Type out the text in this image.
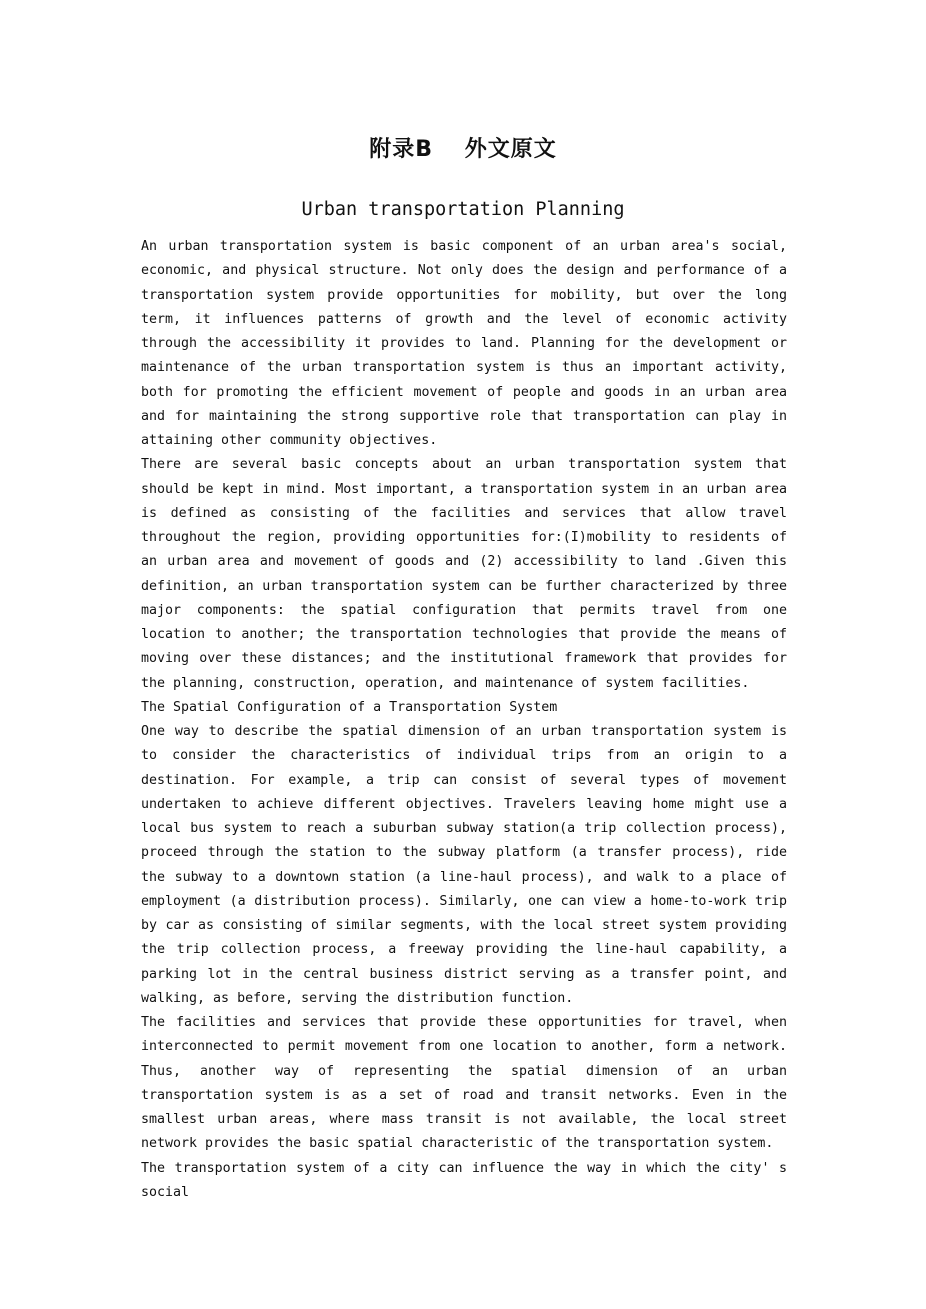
附录B　 外文原文
Urban transportation Planning

An urban transportation system is basic component of an urban area's social, economic, and physical structure. Not only does the design and performance of a transportation system provide opportunities for mobility, but over the long term, it influences patterns of growth and the level of economic activity through the accessibility it provides to land. Planning for the development or maintenance of the urban transportation system is thus an important activity, both for promoting the efficient movement of people and goods in an urban area and for maintaining the strong supportive role that transportation can play in attaining other community objectives.

There are several basic concepts about an urban transportation system that should be kept in mind. Most important, a transportation system in an urban area is defined as consisting of the facilities and services that allow travel throughout the region, providing opportunities for:(I)mobility to residents of an urban area and movement of goods and (2) accessibility to land .Given this definition, an urban transportation system can be further characterized by three major components: the spatial configuration that permits travel from one location to another; the transportation technologies that provide the means of moving over these distances; and the institutional framework that provides for the planning, construction, operation, and maintenance of system facilities.

The Spatial Configuration of a Transportation System

One way to describe the spatial dimension of an urban transportation system is to consider the characteristics of individual trips from an origin to a destination. For example, a trip can consist of several types of movement undertaken to achieve different objectives. Travelers leaving home might use a local bus system to reach a suburban subway station(a trip collection process), proceed through the station to the subway platform (a transfer process), ride the subway to a downtown station (a line-haul process), and walk to a place of employment (a distribution process). Similarly, one can view a home-to-work trip by car as consisting of similar segments, with the local street system providing the trip collection process, a freeway providing the line-haul capability, a parking lot in the central business district serving as a transfer point, and walking, as before, serving the distribution function.

The facilities and services that provide these opportunities for travel, when interconnected to permit movement from one location to another, form a network. Thus, another way of representing the spatial dimension of an urban transportation system is as a set of road and transit networks. Even in the smallest urban areas, where mass transit is not available, the local street network provides the basic spatial characteristic of the transportation system.

The transportation system of a city can influence the way in which the city' s social
